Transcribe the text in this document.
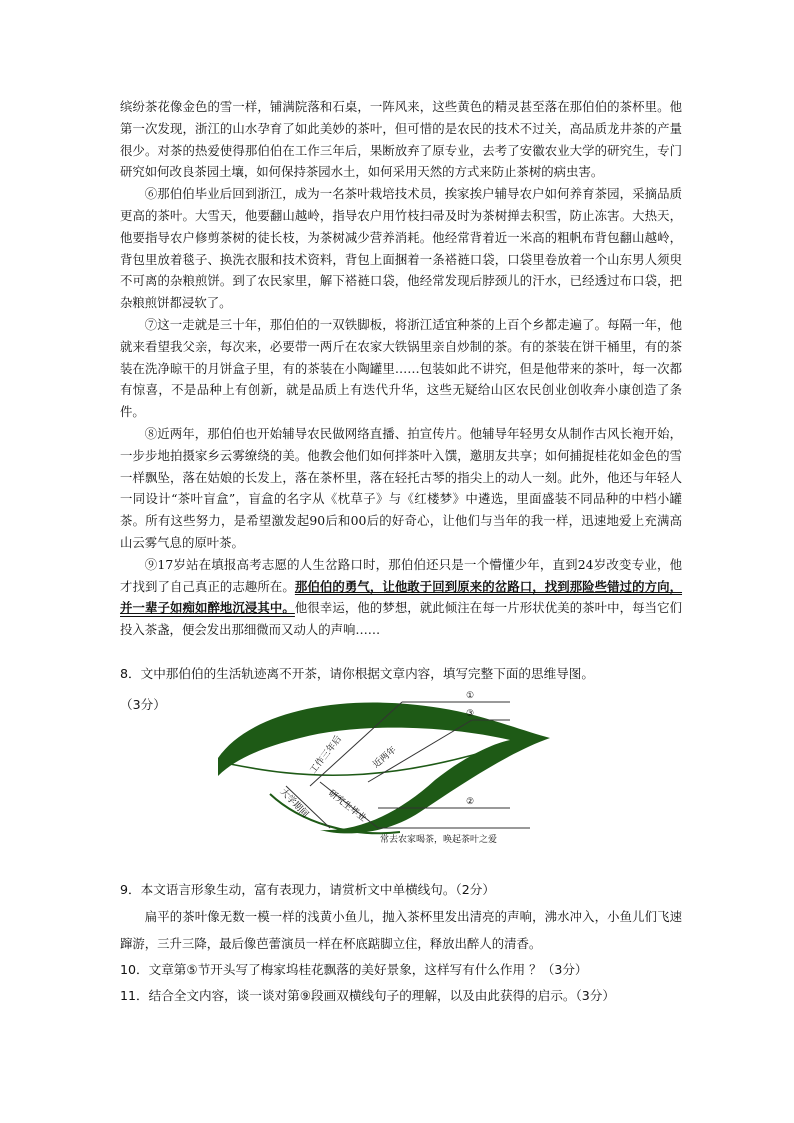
缤纷茶花像金色的雪一样，铺满院落和石桌，一阵风来，这些黄色的精灵甚至落在那伯伯的茶杯里。他第一次发现，浙江的山水孕育了如此美妙的茶叶，但可惜的是农民的技术不过关，高品质龙井茶的产量很少。对茶的热爱使得那伯伯在工作三年后，果断放弃了原专业，去考了安徽农业大学的研究生，专门研究如何改良茶园土壤，如何保持茶园水土，如何采用天然的方式来防止茶树的病虫害。

⑥那伯伯毕业后回到浙江，成为一名茶叶栽培技术员，挨家挨户辅导农户如何养育茶园，采摘品质更高的茶叶。大雪天，他要翻山越岭，指导农户用竹枝扫帚及时为茶树掸去积雪，防止冻害。大热天，他要指导农户修剪茶树的徒长枝，为茶树减少营养消耗。他经常背着近一米高的粗帆布背包翻山越岭，背包里放着毯子、换洗衣服和技术资料，背包上面捆着一条褡裢口袋，口袋里卷放着一个山东男人须臾不可离的杂粮煎饼。到了农民家里，解下褡裢口袋，他经常发现后脖颈儿的汗水，已经透过布口袋，把杂粮煎饼都浸软了。

⑦这一走就是三十年，那伯伯的一双铁脚板，将浙江适宜种茶的上百个乡都走遍了。每隔一年，他就来看望我父亲，每次来，必要带一两斤在农家大铁锅里亲自炒制的茶。有的茶装在饼干桶里，有的茶装在洗净晾干的月饼盒子里，有的茶装在小陶罐里……包装如此不讲究，但是他带来的茶叶，每一次都有惊喜，不是品种上有创新，就是品质上有迭代升华，这些无疑给山区农民创业创收奔小康创造了条件。

⑧近两年，那伯伯也开始辅导农民做网络直播、拍宣传片。他辅导年轻男女从制作古风长袍开始，一步步地拍摄家乡云雾缭绕的美。他教会他们如何拌茶叶入馔，邀朋友共享；如何捕捉桂花如金色的雪一样飘坠，落在姑娘的长发上，落在茶杯里，落在轻托古琴的指尖上的动人一刻。此外，他还与年轻人一同设计“茶叶盲盒”，盲盒的名字从《枕草子》与《红楼梦》中遴选，里面盛装不同品种的中档小罐茶。所有这些努力，是希望激发起90后和00后的好奇心，让他们与当年的我一样，迅速地爱上充满高山云雾气息的原叶茶。

⑨17岁站在填报高考志愿的人生岔路口时，那伯伯还只是一个懵懂少年，直到24岁改变专业，他才找到了自己真正的志趣所在。那伯伯的勇气，让他敢于回到原来的岔路口，找到那险些错过的方向，并一辈子如痴如醉地沉浸其中。他很幸运，他的梦想，就此倾注在每一片形状优美的茶叶中，每当它们投入茶盏，便会发出那细微而又动人的声响……

8．文中那伯伯的生活轨迹离不开茶，请你根据文章内容，填写完整下面的思维导图。
（3分）
①
③
②
工作三年后	近两年
大学期间 研究生毕业
常去农家喝茶，唤起茶叶之爱
9．本文语言形象生动，富有表现力，请赏析文中单横线句。（2分）
扁平的茶叶像无数一模一样的浅黄小鱼儿，抛入茶杯里发出清亮的声响，沸水冲入，小鱼儿们飞速蹿游，三升三降，最后像芭蕾演员一样在杯底踮脚立住，释放出醉人的清香。
10．文章第⑤节开头写了梅家坞桂花飘落的美好景象，这样写有什么作用 ？（3分）
11．结合全文内容，谈一谈对第⑨段画双横线句子的理解，以及由此获得的启示。（3分）
